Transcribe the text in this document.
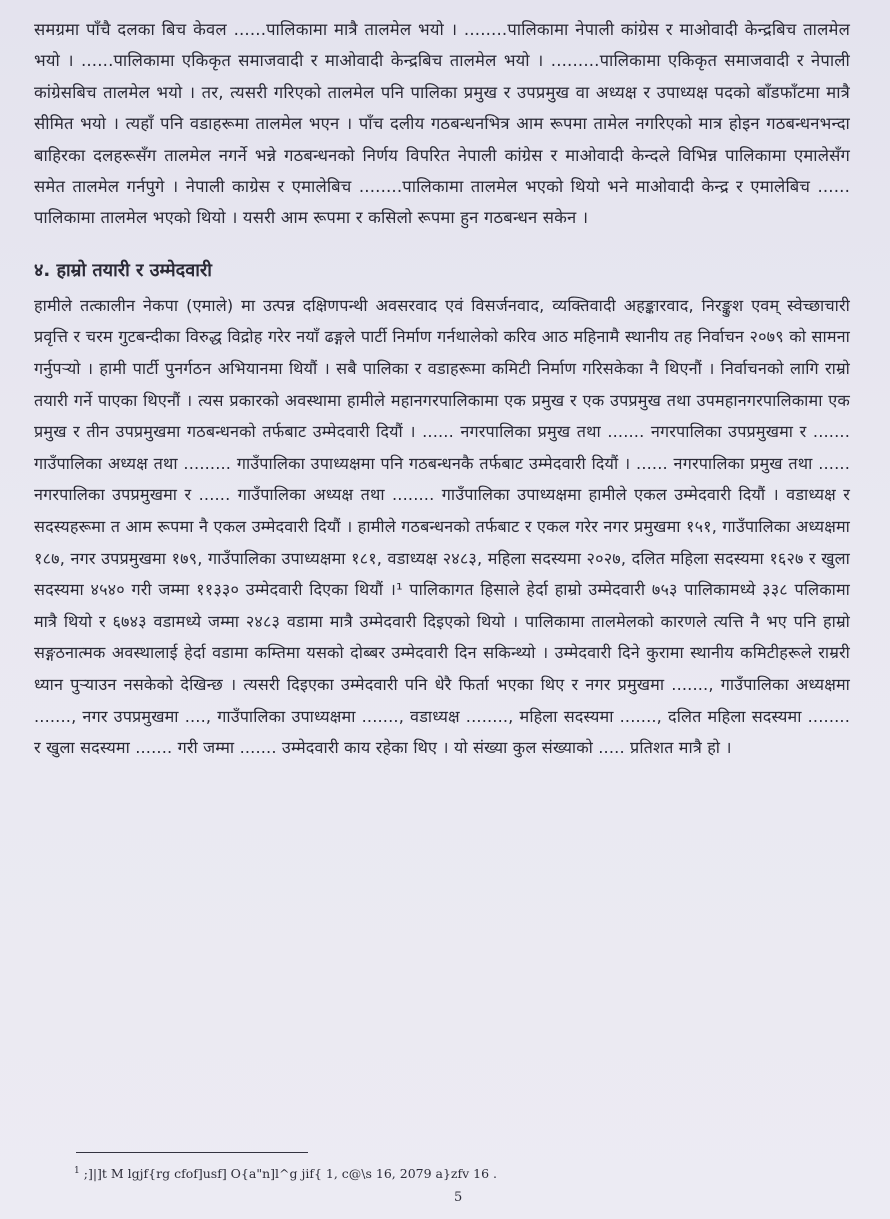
समग्रमा पाँचै दलका बिच केवल ......पालिकामा मात्रै तालमेल भयो । ........पालिकामा नेपाली कांग्रेस र माओवादी केन्द्रबिच तालमेल भयो । ......पालिकामा एकिकृत समाजवादी र माओवादी केन्द्रबिच तालमेल भयो । .........पालिकामा एकिकृत समाजवादी र नेपाली कांग्रेसबिच तालमेल भयो । तर, त्यसरी गरिएको तालमेल पनि पालिका प्रमुख र उपप्रमुख वा अध्यक्ष र उपाध्यक्ष पदको बाँडफाँटमा मात्रै सीमित भयो । त्यहाँ पनि वडाहरूमा तालमेल भएन । पाँच दलीय गठबन्धनभित्र आम रूपमा तामेल नगरिएको मात्र होइन गठबन्धनभन्दा बाहिरका दलहरूसँग तालमेल नगर्ने भन्ने गठबन्धनको निर्णय विपरित नेपाली कांग्रेस र माओवादी केन्दले विभिन्न पालिकामा एमालेसँग समेत तालमेल गर्नपुगे । नेपाली काग्रेस र एमालेबिच ........पालिकामा तालमेल भएको थियो भने माओवादी केन्द्र र एमालेबिच ...... पालिकामा तालमेल भएको थियो । यसरी आम रूपमा र कसिलो रूपमा हुन गठबन्धन सकेन ।

४. हाम्रो तयारी र उम्मेदवारी

हामीले तत्कालीन नेकपा (एमाले) मा उत्पन्न दक्षिणपन्थी अवसरवाद एवं विसर्जनवाद, व्यक्तिवादी अहङ्कारवाद, निरङ्कुश एवम् स्वेच्छाचारी प्रवृत्ति र चरम गुटबन्दीका विरुद्ध विद्रोह गरेर नयाँ ढङ्गले पार्टी निर्माण गर्नथालेको करिव आठ महिनामै स्थानीय तह निर्वाचन २०७९ को सामना गर्नुपर्‍यो । हामी पार्टी पुनर्गठन अभियानमा थियौं । सबै पालिका र वडाहरूमा कमिटी निर्माण गरिसकेका नै थिएनौं । निर्वाचनको लागि राम्रो तयारी गर्ने पाएका थिएनौं । त्यस प्रकारको अवस्थामा हामीले महानगरपालिकामा एक प्रमुख र एक उपप्रमुख तथा उपमहानगरपालिकामा एक प्रमुख र तीन उपप्रमुखमा गठबन्धनको तर्फबाट उम्मेदवारी दियौं । ...... नगरपालिका प्रमुख तथा ....... नगरपालिका उपप्रमुखमा र ....... गाउँपालिका अध्यक्ष तथा ......... गाउँपालिका उपाध्यक्षमा पनि गठबन्धनकै तर्फबाट उम्मेदवारी दियौं । ...... नगरपालिका प्रमुख तथा ...... नगरपालिका उपप्रमुखमा र ...... गाउँपालिका अध्यक्ष तथा ........ गाउँपालिका उपाध्यक्षमा हामीले एकल उम्मेदवारी दियौं । वडाध्यक्ष र सदस्यहरूमा त आम रूपमा नै एकल उम्मेदवारी दियौं । हामीले गठबन्धनको तर्फबाट र एकल गरेर नगर प्रमुखमा १५१, गाउँपालिका अध्यक्षमा १८७, नगर उपप्रमुखमा १७९, गाउँपालिका उपाध्यक्षमा १८१, वडाध्यक्ष २४८३, महिला सदस्यमा २०२७, दलित महिला सदस्यमा १६२७ र खुला सदस्यमा ४५४० गरी जम्मा ११३३० उम्मेदवारी दिएका थियौं ।¹ पालिकागत हिसाले हेर्दा हाम्रो उम्मेदवारी ७५३ पालिकामध्ये ३३८ पलिकामा मात्रै थियो र ६७४३ वडामध्ये जम्मा २४८३ वडामा मात्रै उम्मेदवारी दिइएको थियो । पालिकामा तालमेलको कारणले त्यत्ति नै भए पनि हाम्रो सङ्गठनात्मक अवस्थालाई हेर्दा वडामा कम्तिमा यसको दोब्बर उम्मेदवारी दिन सकिन्थ्यो । उम्मेदवारी दिने कुरामा स्थानीय कमिटीहरूले राम्ररी ध्यान पुऱ्याउन नसकेको देखिन्छ । त्यसरी दिइएका उम्मेदवारी पनि धेरै फिर्ता भएका थिए र नगर प्रमुखमा ......., गाउँपालिका अध्यक्षमा ......., नगर उपप्रमुखमा ...., गाउँपालिका उपाध्यक्षमा ......., वडाध्यक्ष ........, महिला सदस्यमा ......., दलित महिला सदस्यमा ........ र खुला सदस्यमा ....... गरी जम्मा ....... उम्मेदवारी काय रहेका थिए । यो संख्या कुल संख्याको ..... प्रतिशत मात्रै हो ।

$^1$ ;]|]t M lgjf{rg cfof]usf] O{a"n]l^g jif{ 1, c@\s 16, 2079 a}zfv 16 .
5
